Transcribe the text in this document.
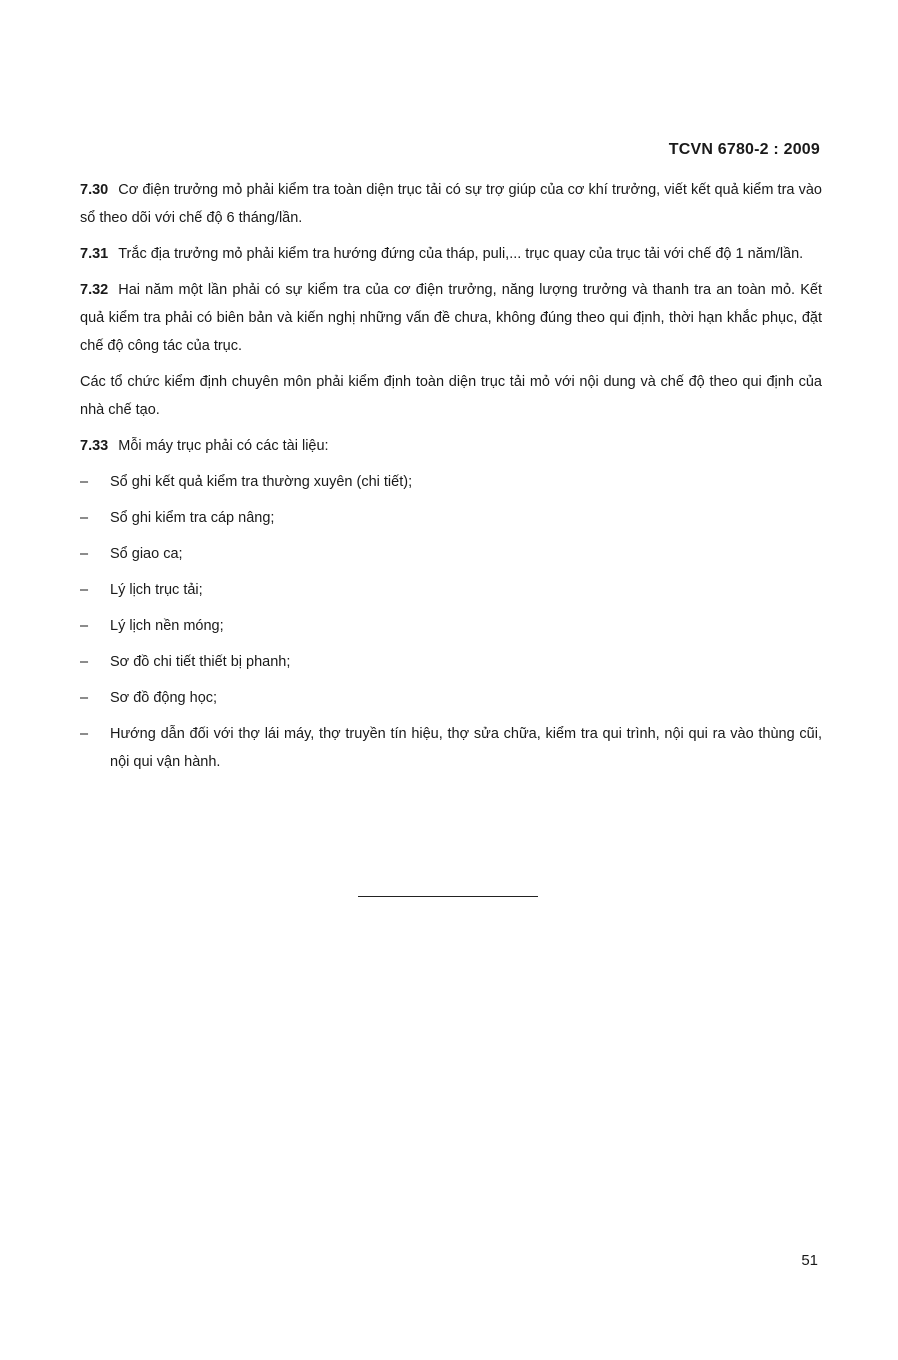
TCVN 6780-2 : 2009

7.30 Cơ điện trưởng mỏ phải kiểm tra toàn diện trục tải có sự trợ giúp của cơ khí trưởng, viết kết quả kiểm tra vào sổ theo dõi với chế độ 6 tháng/lần.

7.31 Trắc địa trưởng mỏ phải kiểm tra hướng đứng của tháp, puli,... trục quay của trục tải với chế độ 1 năm/lần.

7.32 Hai năm một lần phải có sự kiểm tra của cơ điện trưởng, năng lượng trưởng và thanh tra an toàn mỏ. Kết quả kiểm tra phải có biên bản và kiến nghị những vấn đề chưa, không đúng theo qui định, thời hạn khắc phục, đặt chế độ công tác của trục.

Các tổ chức kiểm định chuyên môn phải kiểm định toàn diện trục tải mỏ với nội dung và chế độ theo qui định của nhà chế tạo.

7.33 Mỗi máy trục phải có các tài liệu:

– Sổ ghi kết quả kiểm tra thường xuyên (chi tiết);
– Sổ ghi kiểm tra cáp nâng;
– Sổ giao ca;
– Lý lịch trục tải;
– Lý lịch nền móng;
– Sơ đồ chi tiết thiết bị phanh;
– Sơ đồ động học;
– Hướng dẫn đối với thợ lái máy, thợ truyền tín hiệu, thợ sửa chữa, kiểm tra qui trình, nội qui ra vào thùng cũi, nội qui vận hành.
51
